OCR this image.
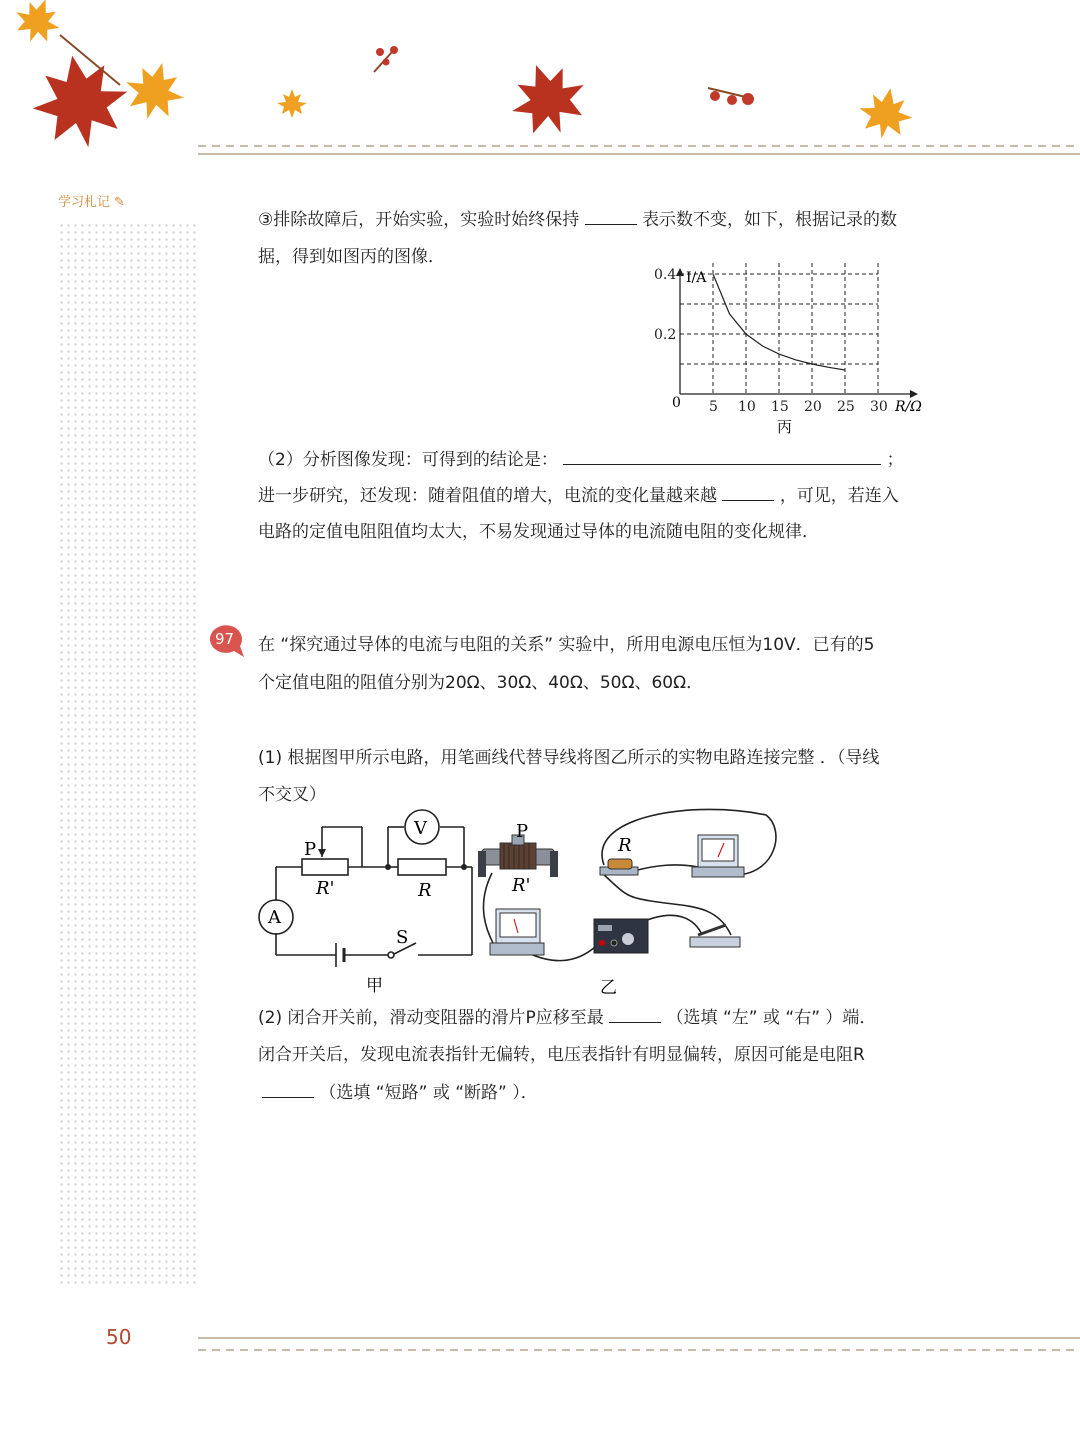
学习札记 ✎
③排除故障后，开始实验，实验时始终保持	表示数不变，如下，根据记录的数
据，得到如图丙的图像．
5 10 15 20 25 30
0.4
0.2
I/A
R/Ω
0
丙
（2）分析图像发现：可得到的结论是：	；
进一步研究，还发现：随着阻值的增大，电流的变化量越来越	，可见，若连入
电路的定值电阻阻值均太大，不易发现通过导体的电流随电阻的变化规律．
97 在 “探究通过导体的电流与电阻的关系” 实验中，所用电源电压恒为10V．已有的5
个定值电阻的阻值分别为20Ω、30Ω、40Ω、50Ω、60Ω．
(1) 根据图甲所示电路，用笔画线代替导线将图乙所示的实物电路连接完整 ．（导线
不交叉）
P
V
R'	R
A
S
甲
P
R'
R
乙
(2) 闭合开关前，滑动变阻器的滑片P应移至最	（选填 “左” 或 “右” ）端．
闭合开关后，发现电流表指针无偏转，电压表指针有明显偏转，原因可能是电阻R
（选填 “短路” 或 “断路” ）．
50
